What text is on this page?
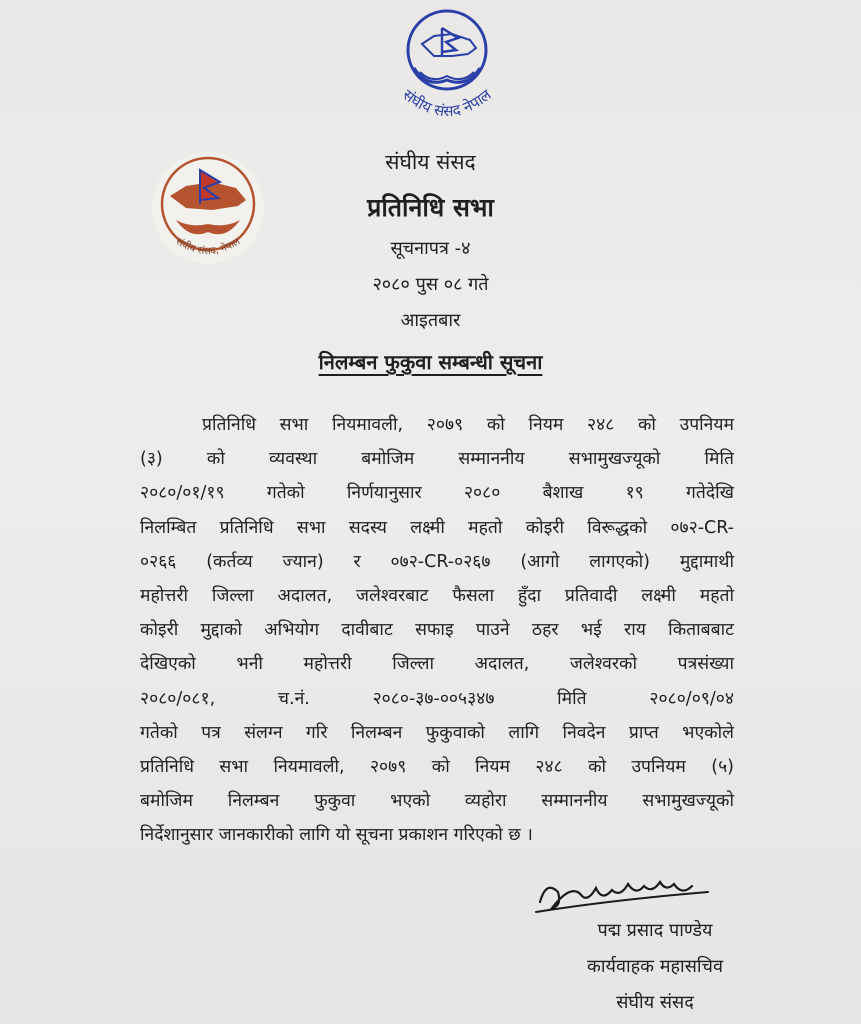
संघीय संसद नेपाल
संघीय संसद, नेपाल
संघीय संसद
प्रतिनिधि सभा
सूचनापत्र -४
२०८० पुस ०८ गते
आइतबार
निलम्बन फुकुवा सम्बन्धी सूचना
प्रतिनिधि सभा नियमावली, २०७९ को नियम २४८ को उपनियम
(३) को व्यवस्था बमोजिम सम्माननीय सभामुखज्यूको मिति
२०८०/०१/१९ गतेको निर्णयानुसार २०८० बैशाख १९ गतेदेखि
निलम्बित प्रतिनिधि सभा सदस्य लक्ष्मी महतो कोइरी विरूद्धको ०७२-CR-
०२६६ (कर्तव्य ज्यान) र ०७२-CR-०२६७ (आगो लागएको) मुद्दामाथी
महोत्तरी जिल्ला अदालत, जलेश्वरबाट फैसला हुँदा प्रतिवादी लक्ष्मी महतो
कोइरी मुद्दाको अभियोग दावीबाट सफाइ पाउने ठहर भई राय किताबबाट
देखिएको भनी महोत्तरी जिल्ला अदालत, जलेश्वरको पत्रसंख्या
२०८०/०८१, च.नं. २०८०-३७-००५३४७ मिति २०८०/०९/०४
गतेको पत्र संलग्न गरि निलम्बन फुकुवाको लागि निवदेन प्राप्त भएकोले
प्रतिनिधि सभा नियमावली, २०७९ को नियम २४८ को उपनियम (५)
बमोजिम निलम्बन फुकुवा भएको व्यहोरा सम्माननीय सभामुखज्यूको
निर्देशानुसार जानकारीको लागि यो सूचना प्रकाशन गरिएको छ ।
पद्म प्रसाद पाण्डेय
कार्यवाहक महासचिव
संघीय संसद
